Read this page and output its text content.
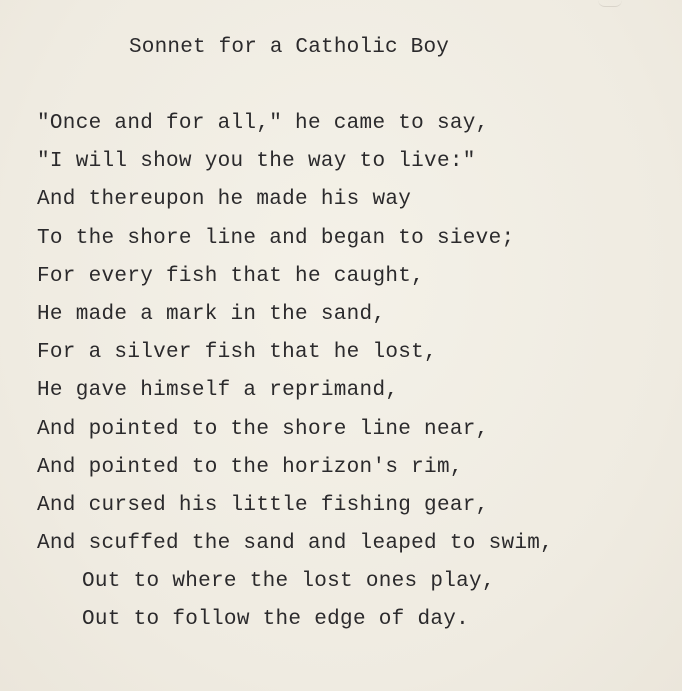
Sonnet for a Catholic Boy
"Once and for all," he came to say,
"I will show you the way to live:"
And thereupon he made his way
To the shore line and began to sieve;
For every fish that he caught,
He made a mark in the sand,
For a silver fish that he lost,
He gave himself a reprimand,
And pointed to the shore line near,
And pointed to the horizon's rim,
And cursed his little fishing gear,
And scuffed the sand and leaped to swim,
Out to where the lost ones play,
Out to follow the edge of day.
